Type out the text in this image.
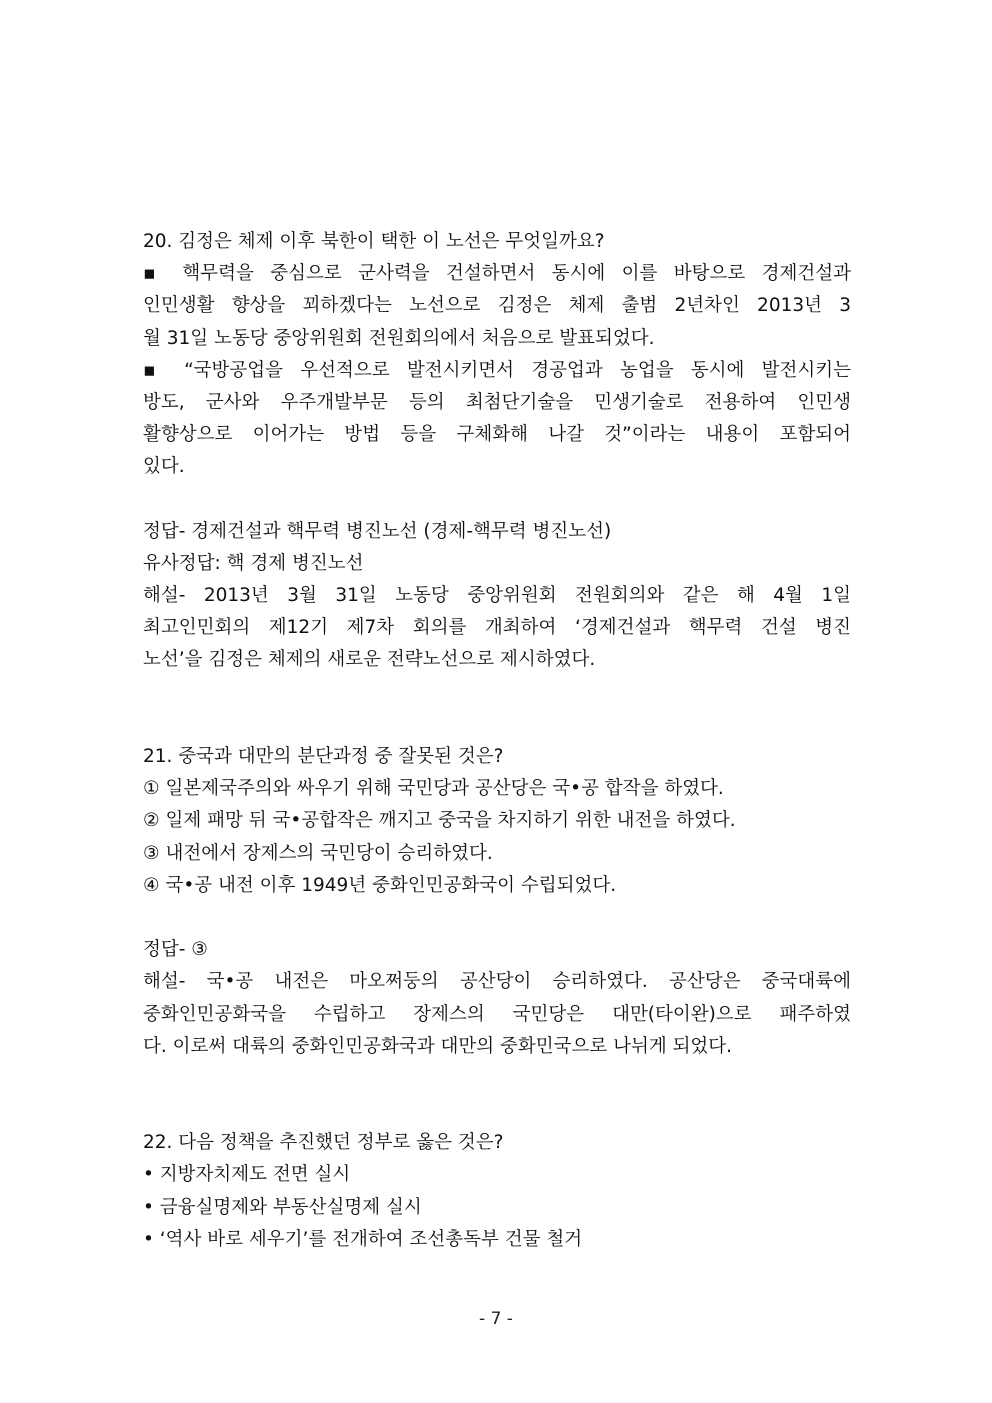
20. 김정은 체제 이후 북한이 택한 이 노선은 무엇일까요?
▪ 핵무력을 중심으로 군사력을 건설하면서 동시에 이를 바탕으로 경제건설과
인민생활 향상을 꾀하겠다는 노선으로 김정은 체제 출범 2년차인 2013년 3
월 31일 노동당 중앙위원회 전원회의에서 처음으로 발표되었다.
▪ “국방공업을 우선적으로 발전시키면서 경공업과 농업을 동시에 발전시키는
방도, 군사와 우주개발부문 등의 최첨단기술을 민생기술로 전용하여 인민생
활향상으로 이어가는 방법 등을 구체화해 나갈 것”이라는 내용이 포함되어
있다.
정답- 경제건설과 핵무력 병진노선 (경제-핵무력 병진노선)
유사정답: 핵 경제 병진노선
해설- 2013년 3월 31일 노동당 중앙위원회 전원회의와 같은 해 4월 1일
최고인민회의 제12기 제7차 회의를 개최하여 ‘경제건설과 핵무력 건설 병진
노선’을 김정은 체제의 새로운 전략노선으로 제시하였다.
21. 중국과 대만의 분단과정 중 잘못된 것은?
① 일본제국주의와 싸우기 위해 국민당과 공산당은 국•공 합작을 하였다.
② 일제 패망 뒤 국•공합작은 깨지고 중국을 차지하기 위한 내전을 하였다.
③ 내전에서 장제스의 국민당이 승리하였다.
④ 국•공 내전 이후 1949년 중화인민공화국이 수립되었다.
정답- ③
해설- 국•공 내전은 마오쩌둥의 공산당이 승리하였다. 공산당은 중국대륙에
중화인민공화국을 수립하고 장제스의 국민당은 대만(타이완)으로 패주하였
다. 이로써 대륙의 중화인민공화국과 대만의 중화민국으로 나뉘게 되었다.
22. 다음 정책을 추진했던 정부로 옳은 것은?
• 지방자치제도 전면 실시
• 금융실명제와 부동산실명제 실시
• ‘역사 바로 세우기’를 전개하여 조선총독부 건물 철거
- 7 -
